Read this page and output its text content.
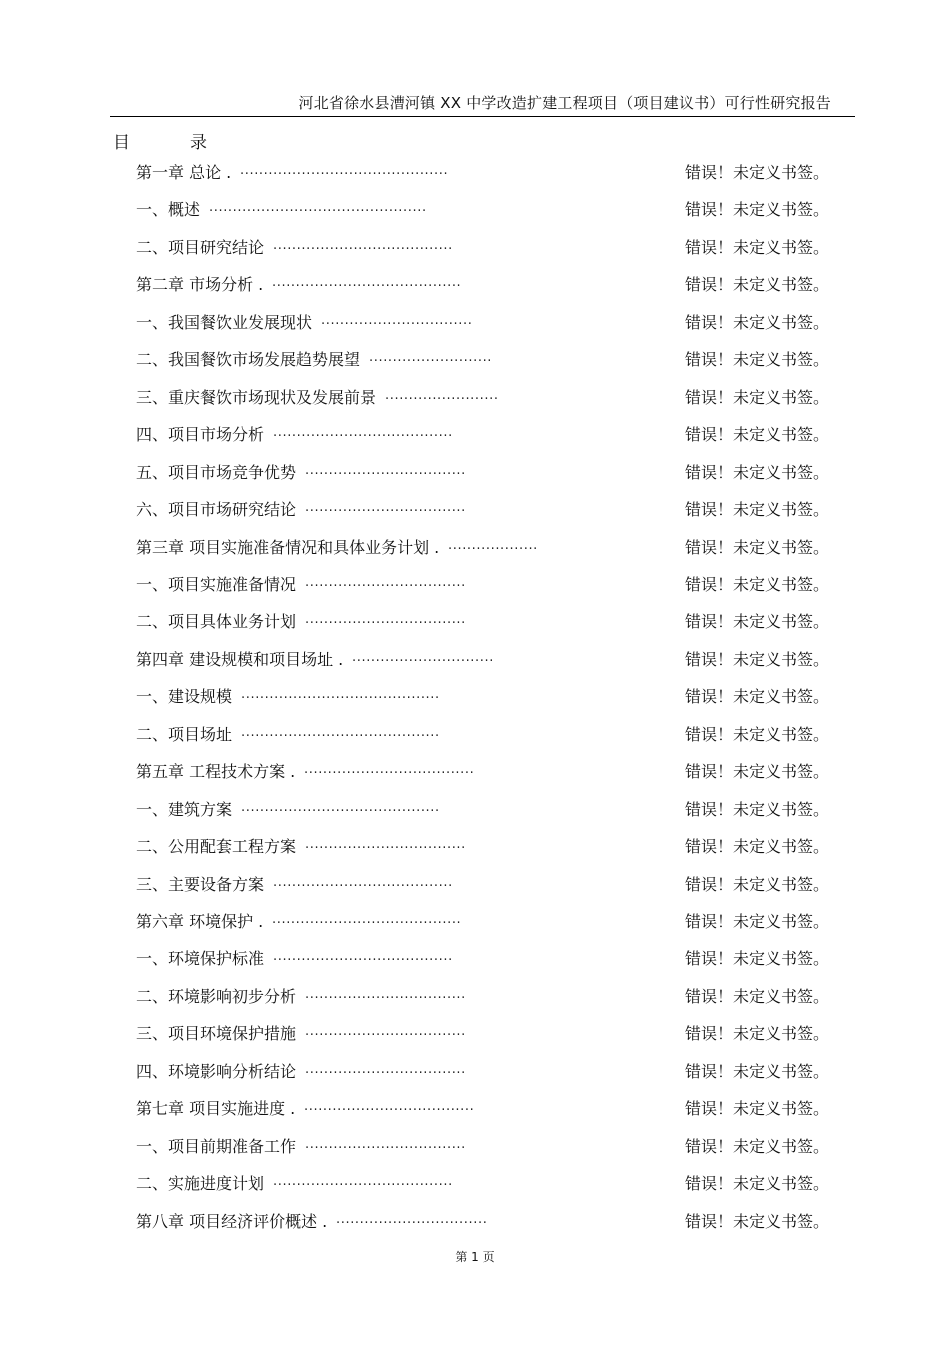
河北省徐水县漕河镇 XX 中学改造扩建工程项目（项目建议书）可行性研究报告
目	录
第一章 总论 . ............................................	错误！未定义书签。
一、概述 ..............................................	错误！未定义书签。
二、项目研究结论 ......................................	错误！未定义书签。
第二章 市场分析 . ........................................	错误！未定义书签。
一、我国餐饮业发展现状 ................................	错误！未定义书签。
二、我国餐饮市场发展趋势展望 ..........................	错误！未定义书签。
三、重庆餐饮市场现状及发展前景 ........................	错误！未定义书签。
四、项目市场分析 ......................................	错误！未定义书签。
五、项目市场竞争优势 ..................................	错误！未定义书签。
六、项目市场研究结论 ..................................	错误！未定义书签。
第三章 项目实施准备情况和具体业务计划 . ...................	错误！未定义书签。
一、项目实施准备情况 ..................................	错误！未定义书签。
二、项目具体业务计划 ..................................	错误！未定义书签。
第四章 建设规模和项目场址 . ..............................	错误！未定义书签。
一、建设规模 ..........................................	错误！未定义书签。
二、项目场址 ..........................................	错误！未定义书签。
第五章 工程技术方案 . ....................................	错误！未定义书签。
一、建筑方案 ..........................................	错误！未定义书签。
二、公用配套工程方案 ..................................	错误！未定义书签。
三、主要设备方案 ......................................	错误！未定义书签。
第六章 环境保护 . ........................................	错误！未定义书签。
一、环境保护标准 ......................................	错误！未定义书签。
二、环境影响初步分析 ..................................	错误！未定义书签。
三、项目环境保护措施 ..................................	错误！未定义书签。
四、环境影响分析结论 ..................................	错误！未定义书签。
第七章 项目实施进度 . ....................................	错误！未定义书签。
一、项目前期准备工作 ..................................	错误！未定义书签。
二、实施进度计划 ......................................	错误！未定义书签。
第八章 项目经济评价概述 . ................................	错误！未定义书签。
第 1 页
